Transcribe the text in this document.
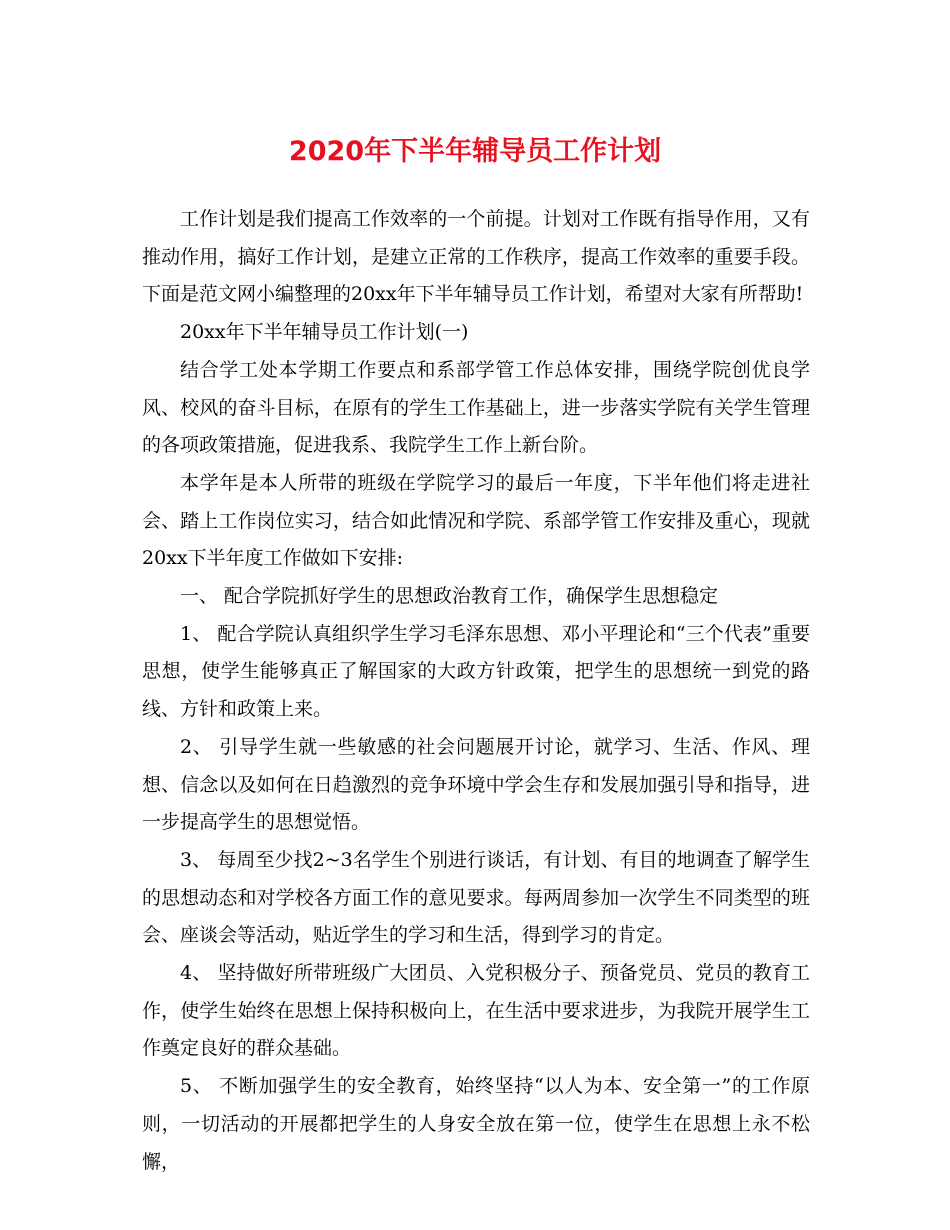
2020年下半年辅导员工作计划

工作计划是我们提高工作效率的一个前提。计划对工作既有指导作用，又有推动作用，搞好工作计划，是建立正常的工作秩序，提高工作效率的重要手段。下面是范文网小编整理的20xx年下半年辅导员工作计划，希望对大家有所帮助!

20xx年下半年辅导员工作计划(一)

结合学工处本学期工作要点和系部学管工作总体安排，围绕学院创优良学风、校风的奋斗目标，在原有的学生工作基础上，进一步落实学院有关学生管理的各项政策措施，促进我系、我院学生工作上新台阶。

本学年是本人所带的班级在学院学习的最后一年度，下半年他们将走进社会、踏上工作岗位实习，结合如此情况和学院、系部学管工作安排及重心，现就20xx下半年度工作做如下安排:

一、 配合学院抓好学生的思想政治教育工作，确保学生思想稳定

1、 配合学院认真组织学生学习毛泽东思想、邓小平理论和“三个代表”重要思想，使学生能够真正了解国家的大政方针政策，把学生的思想统一到党的路线、方针和政策上来。

2、 引导学生就一些敏感的社会问题展开讨论，就学习、生活、作风、理想、信念以及如何在日趋激烈的竞争环境中学会生存和发展加强引导和指导，进一步提高学生的思想觉悟。

3、 每周至少找2~3名学生个别进行谈话，有计划、有目的地调查了解学生的思想动态和对学校各方面工作的意见要求。每两周参加一次学生不同类型的班会、座谈会等活动，贴近学生的学习和生活，得到学习的肯定。

4、 坚持做好所带班级广大团员、入党积极分子、预备党员、党员的教育工作，使学生始终在思想上保持积极向上，在生活中要求进步，为我院开展学生工作奠定良好的群众基础。

5、 不断加强学生的安全教育，始终坚持“以人为本、安全第一”的工作原则，一切活动的开展都把学生的人身安全放在第一位，使学生在思想上永不松懈，
